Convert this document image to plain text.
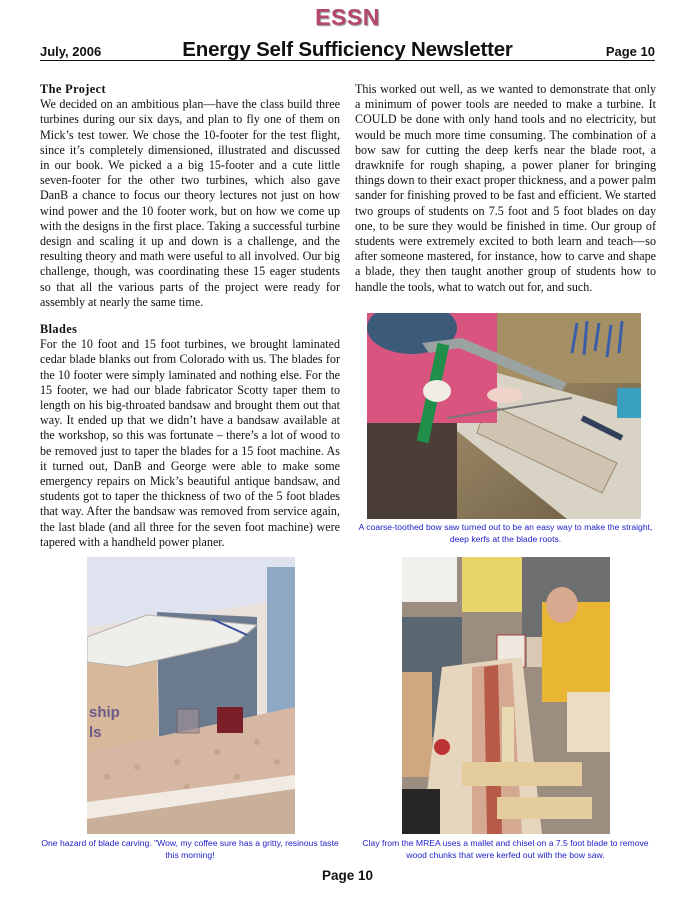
ESSN
July, 2006	Energy Self Sufficiency Newsletter	Page 10
The Project

We decided on an ambitious plan—have the class build three turbines during our six days, and plan to fly one of them on Mick’s test tower. We chose the 10-footer for the test flight, since it’s completely dimensioned, illustrated and discussed in our book. We picked a a big 15-footer and a cute little seven-footer for the other two turbines, which also gave DanB a chance to focus our theory lectures not just on how wind power and the 10 footer work, but on how we come up with the designs in the first place. Taking a successful turbine design and scaling it up and down is a challenge, and the resulting theory and math were useful to all involved. Our big challenge, though, was coordinating these 15 eager students so that all the various parts of the project were ready for assembly at nearly the same time.

Blades

For the 10 foot and 15 foot turbines, we brought laminated cedar blade blanks out from Colorado with us. The blades for the 10 footer were simply laminated and nothing else. For the 15 footer, we had our blade fabricator Scotty taper them to length on his big-throated bandsaw and brought them out that way. It ended up that we didn’t have a bandsaw available at the workshop, so this was fortunate – there’s a lot of wood to be removed just to taper the blades for a 15 foot machine. As it turned out, DanB and George were able to make some emergency repairs on Mick’s beautiful antique bandsaw, and students got to taper the thickness of two of the 5 foot blades that way. After the bandsaw was removed from service again, the last blade (and all three for the seven foot machine) were tapered with a handheld power planer.

This worked out well, as we wanted to demonstrate that only a minimum of power tools are needed to make a turbine. It COULD be done with only hand tools and no electricity, but would be much more time consuming. The combination of a bow saw for cutting the deep kerfs near the blade root, a drawknife for rough shaping, a power planer for bringing things down to their exact proper thickness, and a power palm sander for finishing proved to be fast and efficient. We started two groups of students on 7.5 foot and 5 foot blades on day one, to be sure they would be finished in time. Our group of students were extremely excited to both learn and teach—so after someone mastered, for instance, how to carve and shape a blade, they then taught another group of students how to handle the tools, what to watch out for, and such.

A coarse-toothed bow saw turned out to be an easy way to make the straight, deep kerfs at the blade roots.
ship
ls
One hazard of blade carving. "Wow, my coffee sure has a gritty, resinous taste this morning!
Clay from the MREA uses a mallet and chisel on a 7.5 foot blade to remove wood chunks that were kerfed out with the bow saw.
Page 10
